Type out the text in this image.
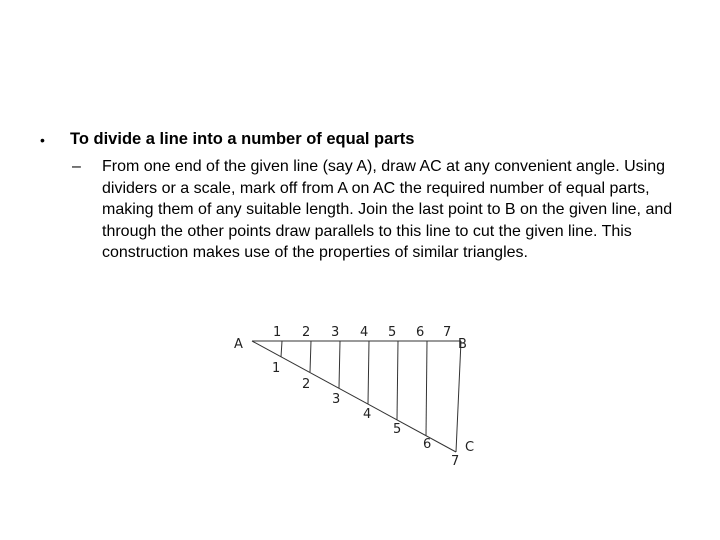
• To divide a line into a number of equal parts
– From one end of the given line (say A), draw AC at any convenient angle. Using dividers or a scale, mark off from A on AC the required number of equal parts, making them of any suitable length. Join the last point to B on the given line, and through the other points draw parallels to this line to cut the given line. This construction makes use of the properties of similar triangles.
A	B
C
1 2 3 4 5 6 7
1
2
3
4
5
6
7
